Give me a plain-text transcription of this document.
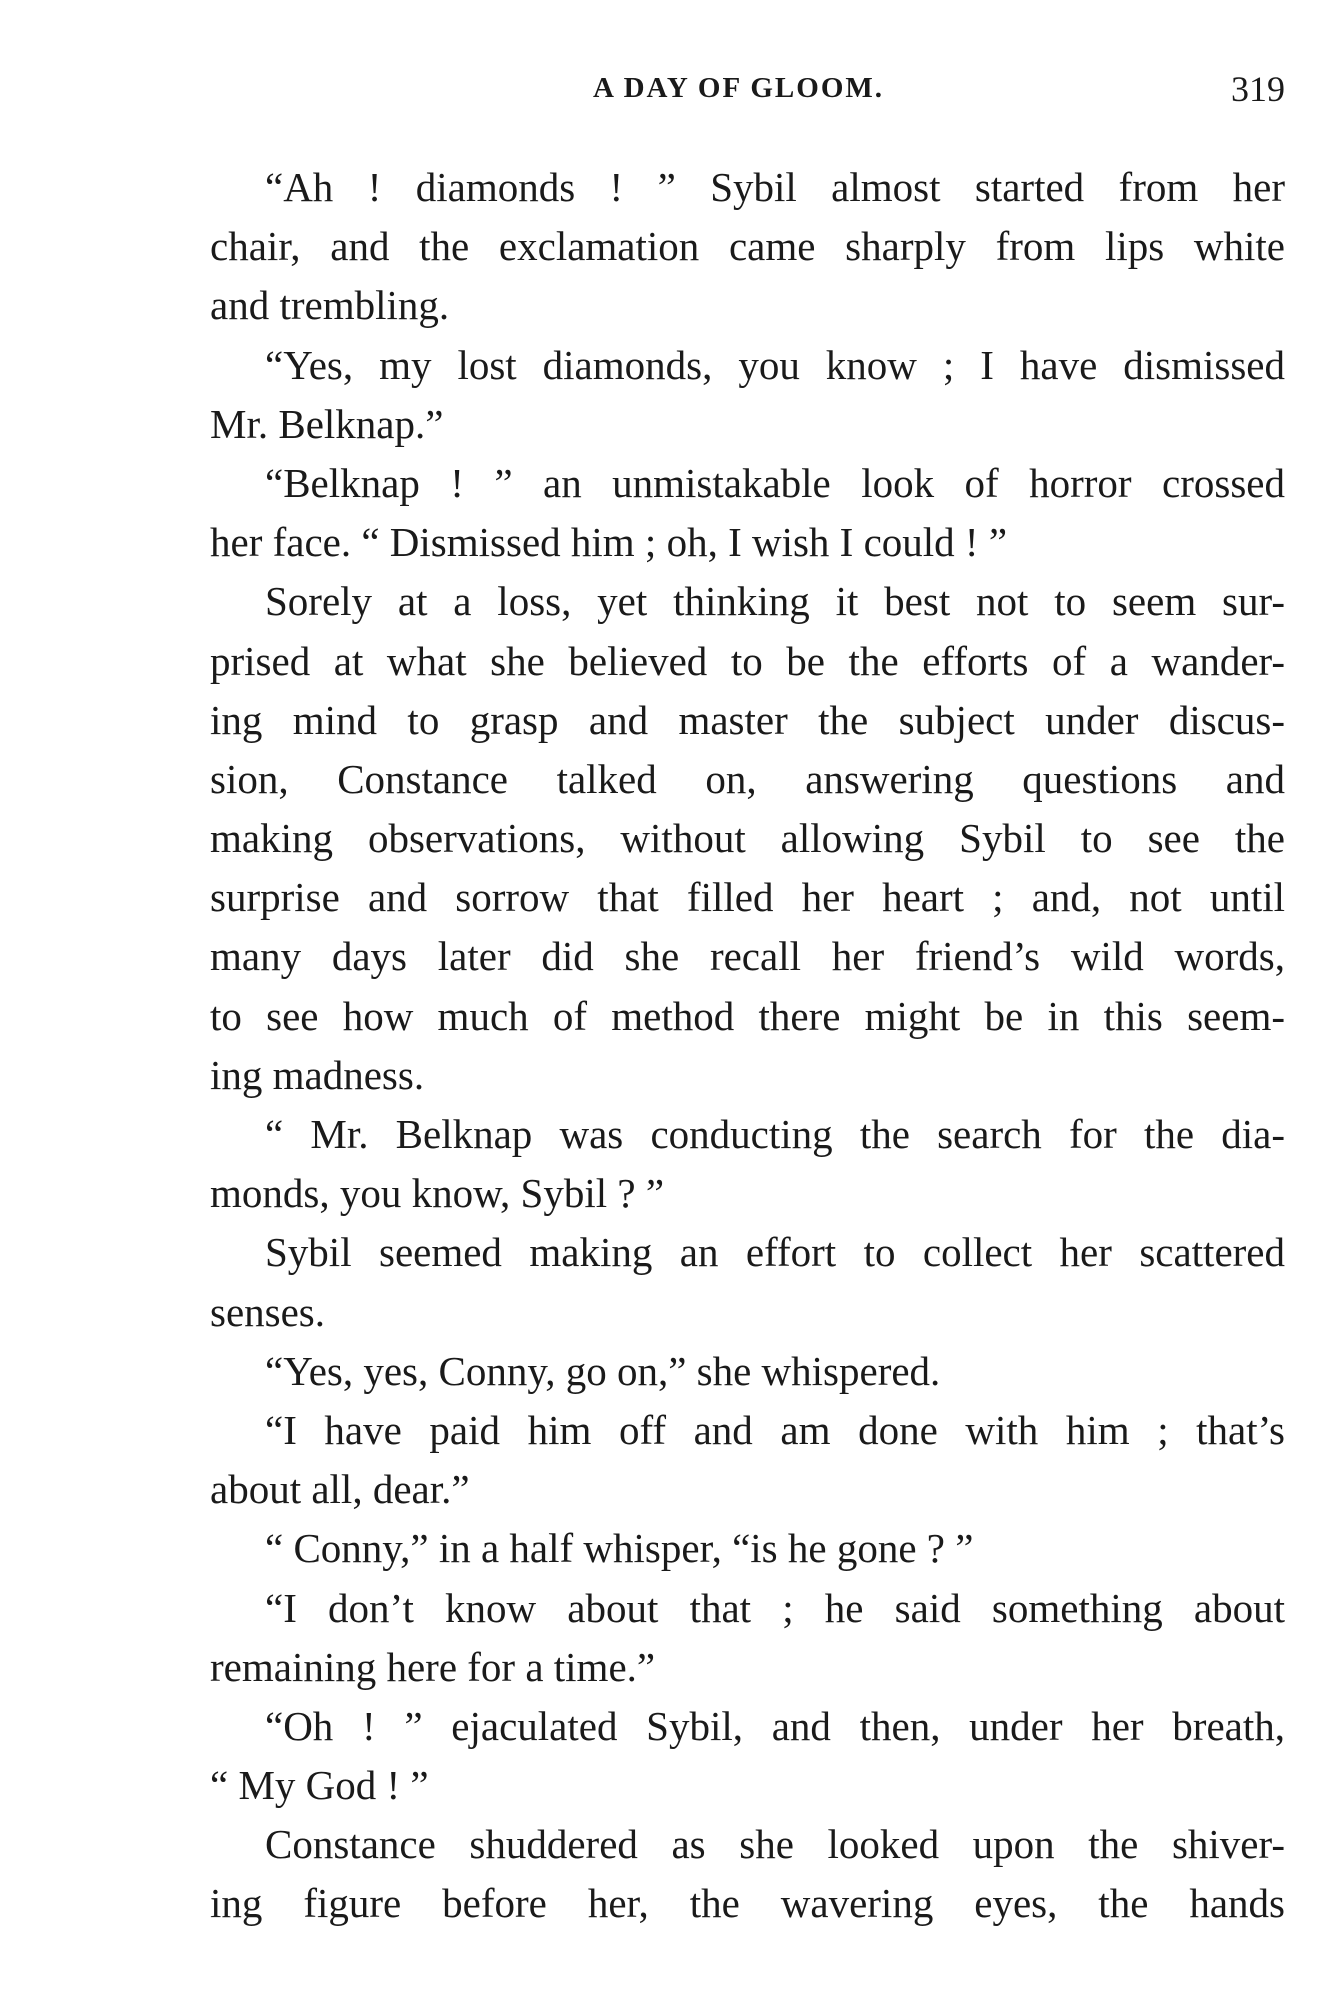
A DAY OF GLOOM.	319
“Ah ! diamonds ! ” Sybil almost started from her
chair, and the exclamation came sharply from lips white
and trembling.
“Yes, my lost diamonds, you know ; I have dismissed
Mr. Belknap.”
“Belknap ! ” an unmistakable look of horror crossed
her face. “ Dismissed him ; oh, I wish I could ! ”
Sorely at a loss, yet thinking it best not to seem sur-
prised at what she believed to be the efforts of a wander-
ing mind to grasp and master the subject under discus-
sion, Constance talked on, answering questions and
making observations, without allowing Sybil to see the
surprise and sorrow that filled her heart ; and, not until
many days later did she recall her friend’s wild words,
to see how much of method there might be in this seem-
ing madness.
“ Mr. Belknap was conducting the search for the dia-
monds, you know, Sybil ? ”
Sybil seemed making an effort to collect her scattered
senses.
“Yes, yes, Conny, go on,” she whispered.
“I have paid him off and am done with him ; that’s
about all, dear.”
“ Conny,” in a half whisper, “is he gone ? ”
“I don’t know about that ; he said something about
remaining here for a time.”
“Oh ! ” ejaculated Sybil, and then, under her breath,
“ My God ! ”
Constance shuddered as she looked upon the shiver-
ing figure before her, the wavering eyes, the hands
